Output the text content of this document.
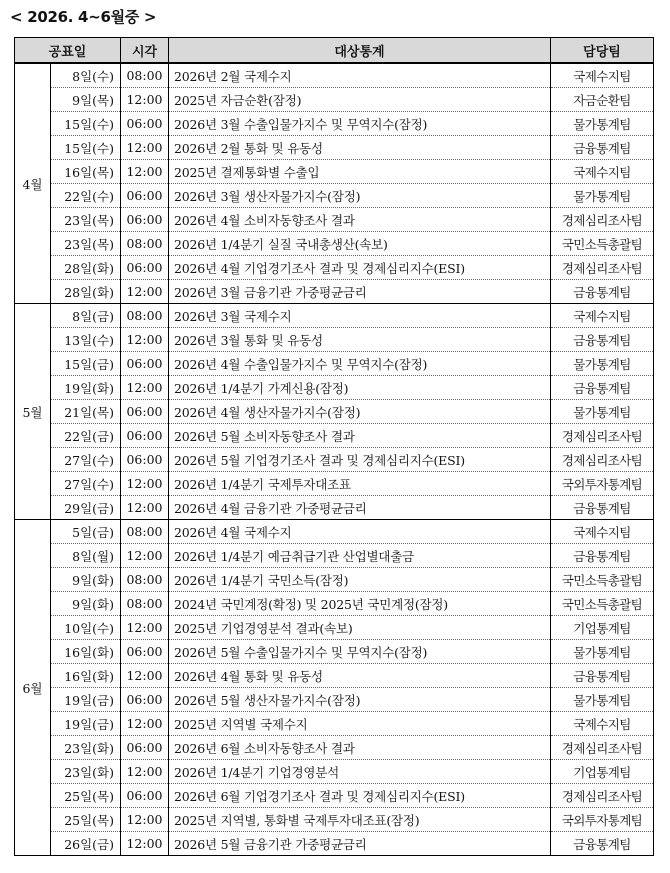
< 2026. 4~6월중 >
공표일		시각	대상통계	담당팀
4월	8일(수)	08:00	2026년 2월 국제수지	국제수지팀
	9일(목)	12:00	2025년 자금순환(잠정)	자금순환팀
	15일(수)	06:00	2026년 3월 수출입물가지수 및 무역지수(잠정)	물가통계팀
	15일(수)	12:00	2026년 2월 통화 및 유동성	금융통계팀
	16일(목)	12:00	2025년 결제통화별 수출입	국제수지팀
	22일(수)	06:00	2026년 3월 생산자물가지수(잠정)	물가통계팀
	23일(목)	06:00	2026년 4월 소비자동향조사 결과	경제심리조사팀
	23일(목)	08:00	2026년 1/4분기 실질 국내총생산(속보)	국민소득총괄팀
	28일(화)	06:00	2026년 4월 기업경기조사 결과 및 경제심리지수(ESI)	경제심리조사팀
	28일(화)	12:00	2026년 3월 금융기관 가중평균금리	금융통계팀
5월	8일(금)	08:00	2026년 3월 국제수지	국제수지팀
	13일(수)	12:00	2026년 3월 통화 및 유동성	금융통계팀
	15일(금)	06:00	2026년 4월 수출입물가지수 및 무역지수(잠정)	물가통계팀
	19일(화)	12:00	2026년 1/4분기 가계신용(잠정)	금융통계팀
	21일(목)	06:00	2026년 4월 생산자물가지수(잠정)	물가통계팀
	22일(금)	06:00	2026년 5월 소비자동향조사 결과	경제심리조사팀
	27일(수)	06:00	2026년 5월 기업경기조사 결과 및 경제심리지수(ESI)	경제심리조사팀
	27일(수)	12:00	2026년 1/4분기 국제투자대조표	국외투자통계팀
	29일(금)	12:00	2026년 4월 금융기관 가중평균금리	금융통계팀
6월	5일(금)	08:00	2026년 4월 국제수지	국제수지팀
	8일(월)	12:00	2026년 1/4분기 예금취급기관 산업별대출금	금융통계팀
	9일(화)	08:00	2026년 1/4분기 국민소득(잠정)	국민소득총괄팀
	9일(화)	08:00	2024년 국민계정(확정) 및 2025년 국민계정(잠정)	국민소득총괄팀
	10일(수)	12:00	2025년 기업경영분석 결과(속보)	기업통계팀
	16일(화)	06:00	2026년 5월 수출입물가지수 및 무역지수(잠정)	물가통계팀
	16일(화)	12:00	2026년 4월 통화 및 유동성	금융통계팀
	19일(금)	06:00	2026년 5월 생산자물가지수(잠정)	물가통계팀
	19일(금)	12:00	2025년 지역별 국제수지	국제수지팀
	23일(화)	06:00	2026년 6월 소비자동향조사 결과	경제심리조사팀
	23일(화)	12:00	2026년 1/4분기 기업경영분석	기업통계팀
	25일(목)	06:00	2026년 6월 기업경기조사 결과 및 경제심리지수(ESI)	경제심리조사팀
	25일(목)	12:00	2025년 지역별, 통화별 국제투자대조표(잠정)	국외투자통계팀
	26일(금)	12:00	2026년 5월 금융기관 가중평균금리	금융통계팀
